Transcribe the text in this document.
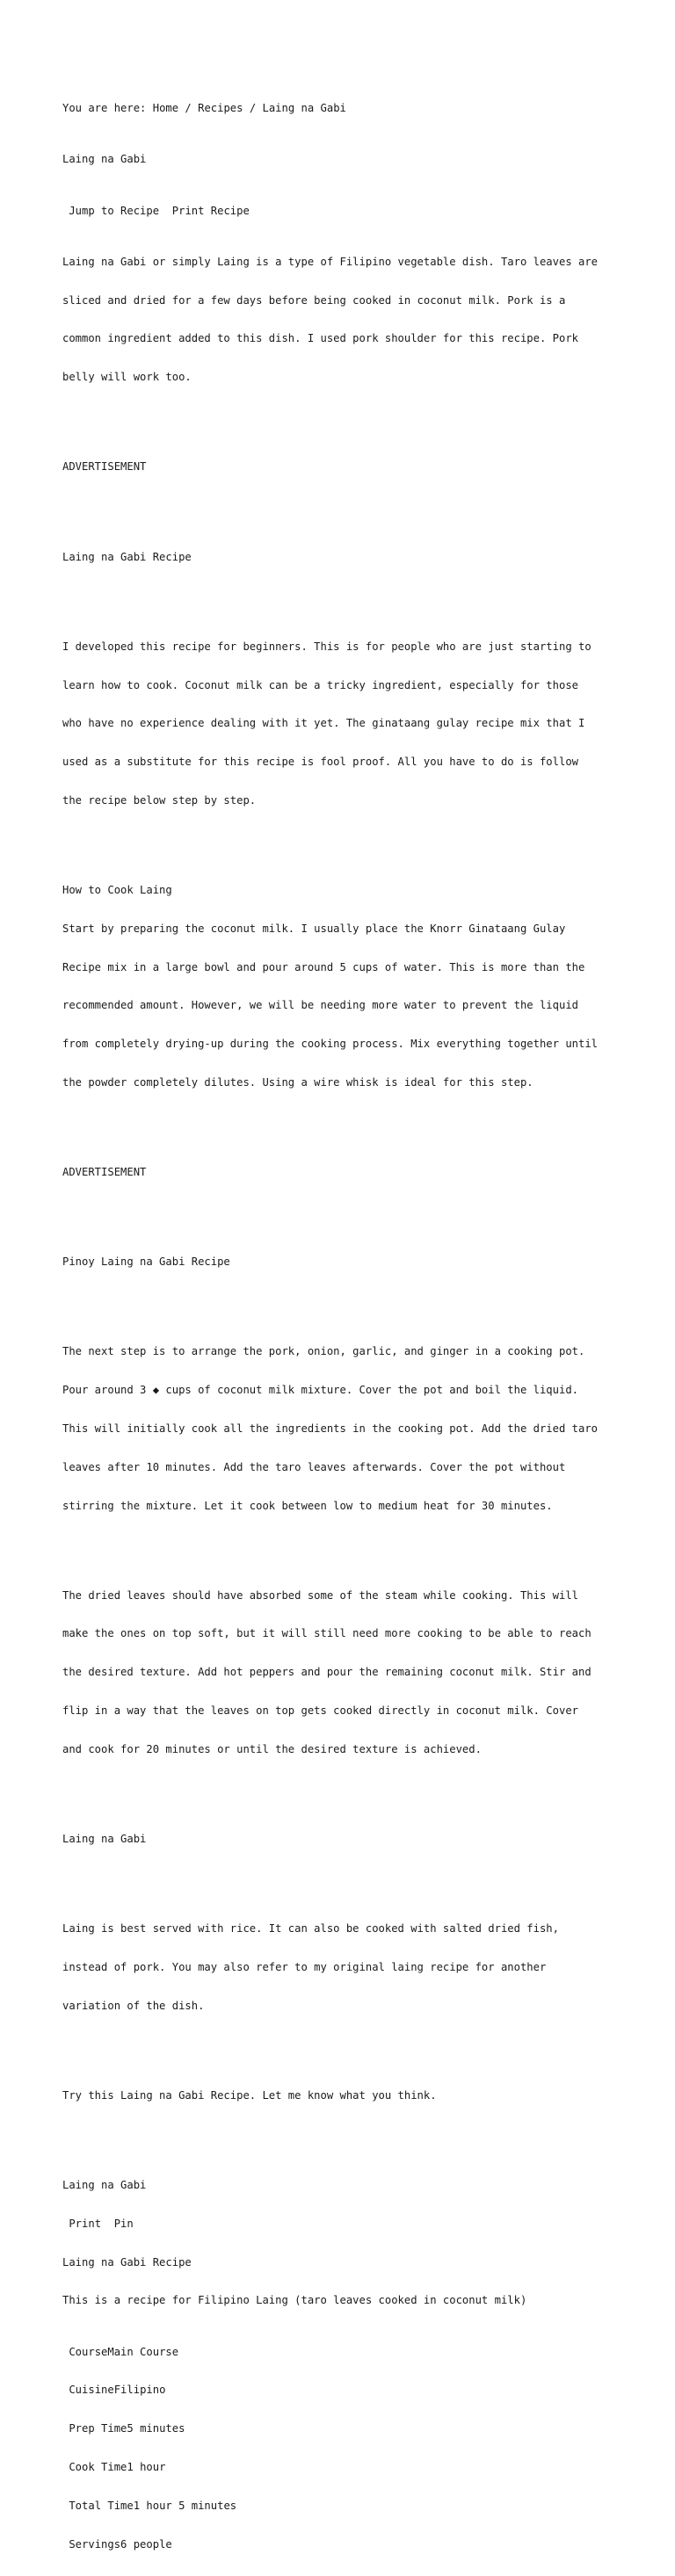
You are here: Home / Recipes / Laing na Gabi

Laing na Gabi

Jump to Recipe Print Recipe

Laing na Gabi or simply Laing is a type of Filipino vegetable dish. Taro leaves are

sliced and dried for a few days before being cooked in coconut milk. Pork is a

common ingredient added to this dish. I used pork shoulder for this recipe. Pork

belly will work too.

ADVERTISEMENT

Laing na Gabi Recipe

I developed this recipe for beginners. This is for people who are just starting to

learn how to cook. Coconut milk can be a tricky ingredient, especially for those

who have no experience dealing with it yet. The ginataang gulay recipe mix that I

used as a substitute for this recipe is fool proof. All you have to do is follow

the recipe below step by step.

How to Cook Laing

Start by preparing the coconut milk. I usually place the Knorr Ginataang Gulay

Recipe mix in a large bowl and pour around 5 cups of water. This is more than the

recommended amount. However, we will be needing more water to prevent the liquid

from completely drying-up during the cooking process. Mix everything together until

the powder completely dilutes. Using a wire whisk is ideal for this step.

ADVERTISEMENT

Pinoy Laing na Gabi Recipe

The next step is to arrange the pork, onion, garlic, and ginger in a cooking pot.

Pour around 3 ◆ cups of coconut milk mixture. Cover the pot and boil the liquid.

This will initially cook all the ingredients in the cooking pot. Add the dried taro

leaves after 10 minutes. Add the taro leaves afterwards. Cover the pot without

stirring the mixture. Let it cook between low to medium heat for 30 minutes.

The dried leaves should have absorbed some of the steam while cooking. This will

make the ones on top soft, but it will still need more cooking to be able to reach

the desired texture. Add hot peppers and pour the remaining coconut milk. Stir and

flip in a way that the leaves on top gets cooked directly in coconut milk. Cover

and cook for 20 minutes or until the desired texture is achieved.

Laing na Gabi

Laing is best served with rice. It can also be cooked with salted dried fish,

instead of pork. You may also refer to my original laing recipe for another

variation of the dish.

Try this Laing na Gabi Recipe. Let me know what you think.

Laing na Gabi

Print Pin

Laing na Gabi Recipe

This is a recipe for Filipino Laing (taro leaves cooked in coconut milk)

CourseMain Course

CuisineFilipino

Prep Time5 minutes

Cook Time1 hour

Total Time1 hour 5 minutes

Servings6 people
